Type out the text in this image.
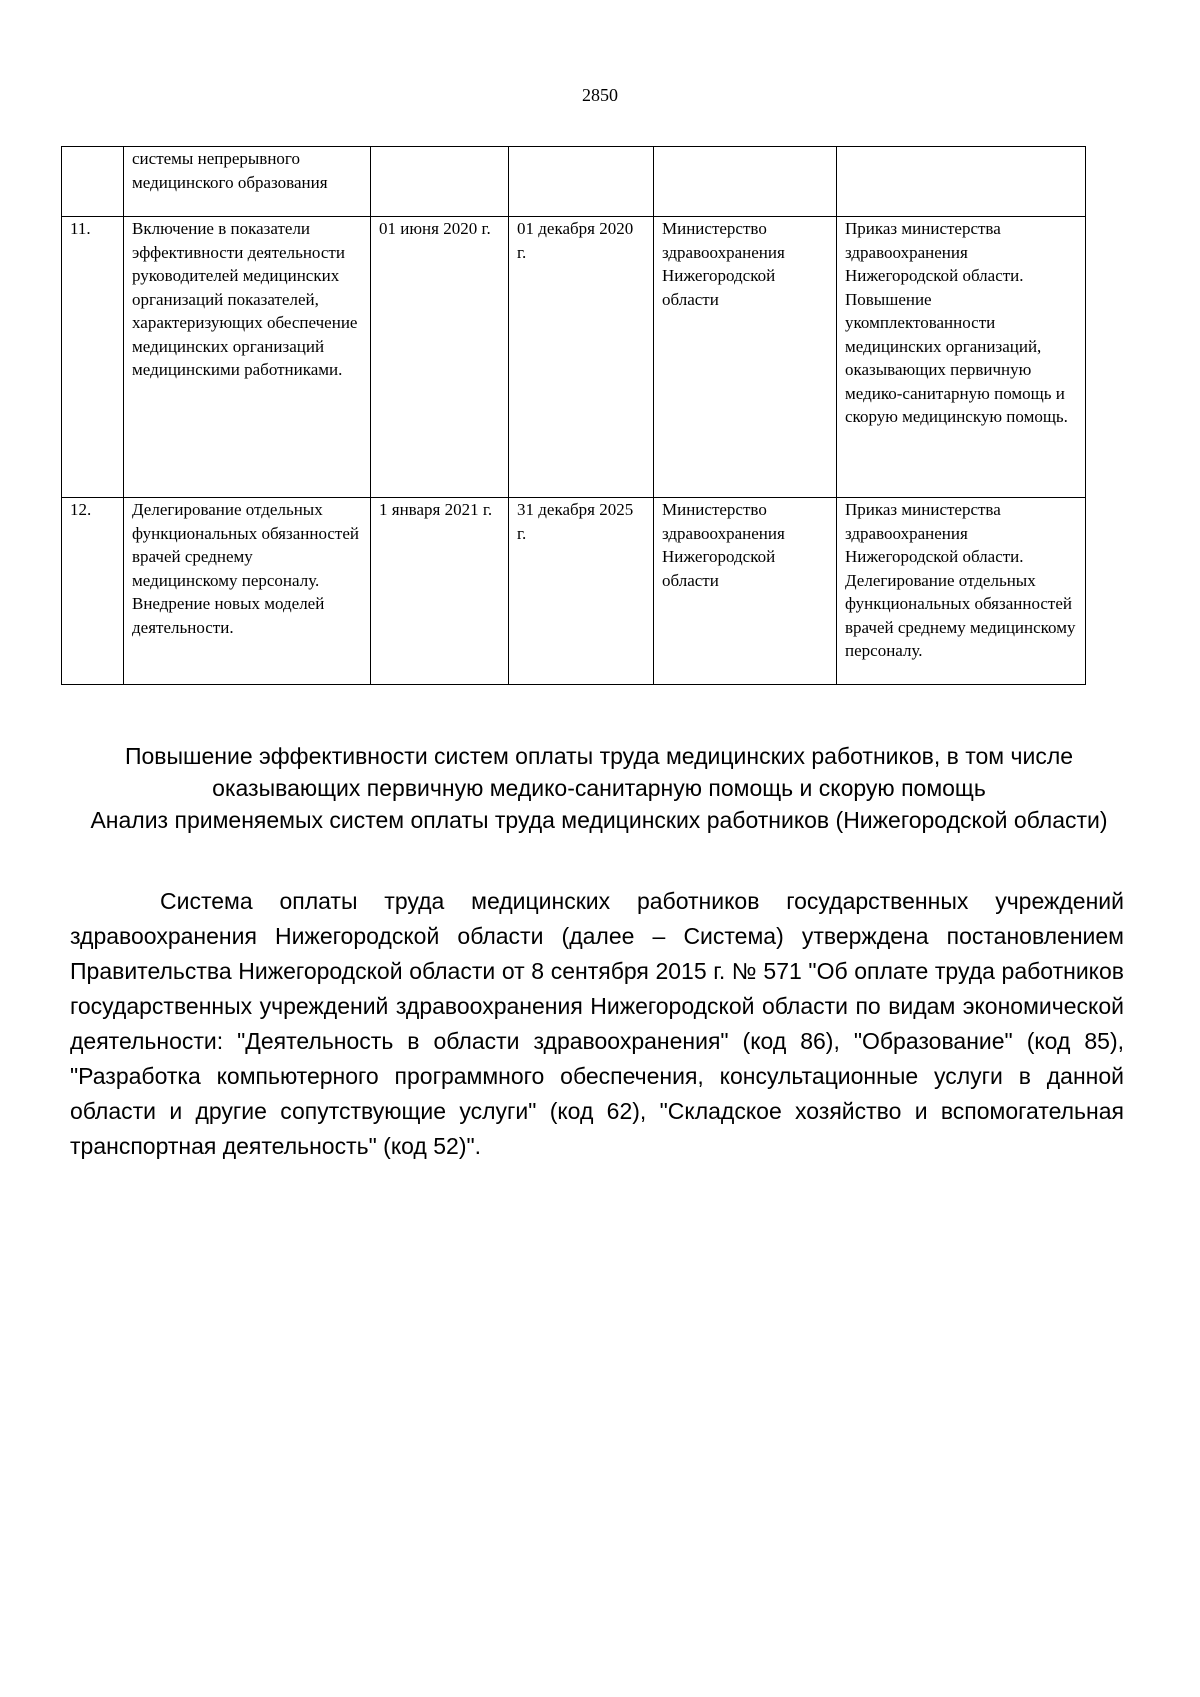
2850
	системы непрерывного медицинского образования				
11.	Включение в показатели эффективности деятельности руководителей медицинских организаций показателей, характеризующих обеспечение медицинских организаций медицинскими работниками.	01 июня 2020 г.	01 декабря 2020 г.	Министерство здравоохранения Нижегородской области	Приказ министерства здравоохранения Нижегородской области. Повышение укомплектованности медицинских организаций, оказывающих первичную медико-санитарную помощь и скорую медицинскую помощь.
12.	Делегирование отдельных функциональных обязанностей врачей среднему медицинскому персоналу. Внедрение новых моделей деятельности.	1 января 2021 г.	31 декабря 2025 г.	Министерство здравоохранения Нижегородской области	Приказ министерства здравоохранения Нижегородской области. Делегирование отдельных функциональных обязанностей врачей среднему медицинскому персоналу.
Повышение эффективности систем оплаты труда медицинских работников, в том числе оказывающих первичную медико-санитарную помощь и скорую помощь
Анализ применяемых систем оплаты труда медицинских работников (Нижегородской области)

Система оплаты труда медицинских работников государственных учреждений здравоохранения Нижегородской области (далее – Система) утверждена постановлением Правительства Нижегородской области от 8 сентября 2015 г. № 571 "Об оплате труда работников государственных учреждений здравоохранения Нижегородской области по видам экономической деятельности: "Деятельность в области здравоохранения" (код 86), "Образование" (код 85), "Разработка компьютерного программного обеспечения, консультационные услуги в данной области и другие сопутствующие услуги" (код 62), "Складское хозяйство и вспомогательная транспортная деятельность" (код 52)".
